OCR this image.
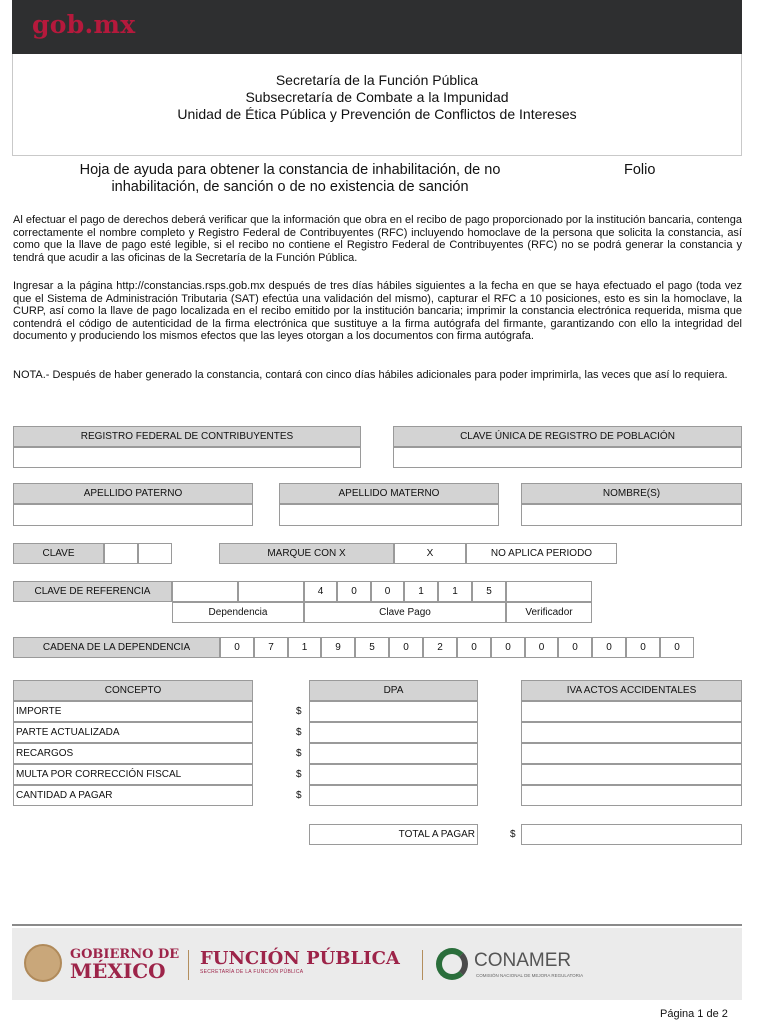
gob.mx
Secretaría de la Función Pública
Subsecretaría de Combate a la Impunidad
Unidad de Ética Pública y Prevención de Conflictos de Intereses
Hoja de ayuda para obtener la constancia de inhabilitación, de no
inhabilitación, de sanción o de no existencia de sanción
Folio
Al efectuar el pago de derechos deberá verificar que la información que obra en el recibo de pago proporcionado por la institución bancaria, contenga correctamente el nombre completo y Registro Federal de Contribuyentes (RFC) incluyendo homoclave de la persona que solicita la constancia, así como que la llave de pago esté legible, si el recibo no contiene el Registro Federal de Contribuyentes (RFC) no se podrá generar la constancia y tendrá que acudir a las oficinas de la Secretaría de la Función Pública.
Ingresar a la página http://constancias.rsps.gob.mx después de tres días hábiles siguientes a la fecha en que se haya efectuado el pago (toda vez que el Sistema de Administración Tributaria (SAT) efectúa una validación del mismo), capturar el RFC a 10 posiciones, esto es sin la homoclave, la CURP, así como la llave de pago localizada en el recibo emitido por la institución bancaria; imprimir la constancia electrónica requerida, misma que contendrá el código de autenticidad de la firma electrónica que sustituye a la firma autógrafa del firmante, garantizando con ello la integridad del documento y produciendo los mismos efectos que las leyes otorgan a los documentos con firma autógrafa.
NOTA.- Después de haber generado la constancia, contará con cinco días hábiles adicionales para poder imprimirla, las veces que así lo requiera.
REGISTRO FEDERAL DE CONTRIBUYENTES	CLAVE ÚNICA DE REGISTRO DE POBLACIÓN
APELLIDO PATERNO	APELLIDO MATERNO	NOMBRE(S)
CLAVE	MARQUE CON X	X	NO APLICA PERIODO
CLAVE DE REFERENCIA	4	0	0	1	1	5
Dependencia	Clave Pago	Verificador
CADENA DE LA DEPENDENCIA	0	7	1	9	5	0	2	0	0	0	0	0	0	0
CONCEPTO	DPA	IVA ACTOS ACCIDENTALES
IMPORTE	$
PARTE ACTUALIZADA	$
RECARGOS	$
MULTA POR CORRECCIÓN FISCAL	$
CANTIDAD A PAGAR	$
TOTAL A PAGAR	$
GOBIERNO DE
MÉXICO
FUNCIÓN PÚBLICA
SECRETARÍA DE LA FUNCIÓN PÚBLICA
CONAMER
COMISIÓN NACIONAL DE MEJORA REGULATORIA
Página 1 de 2
